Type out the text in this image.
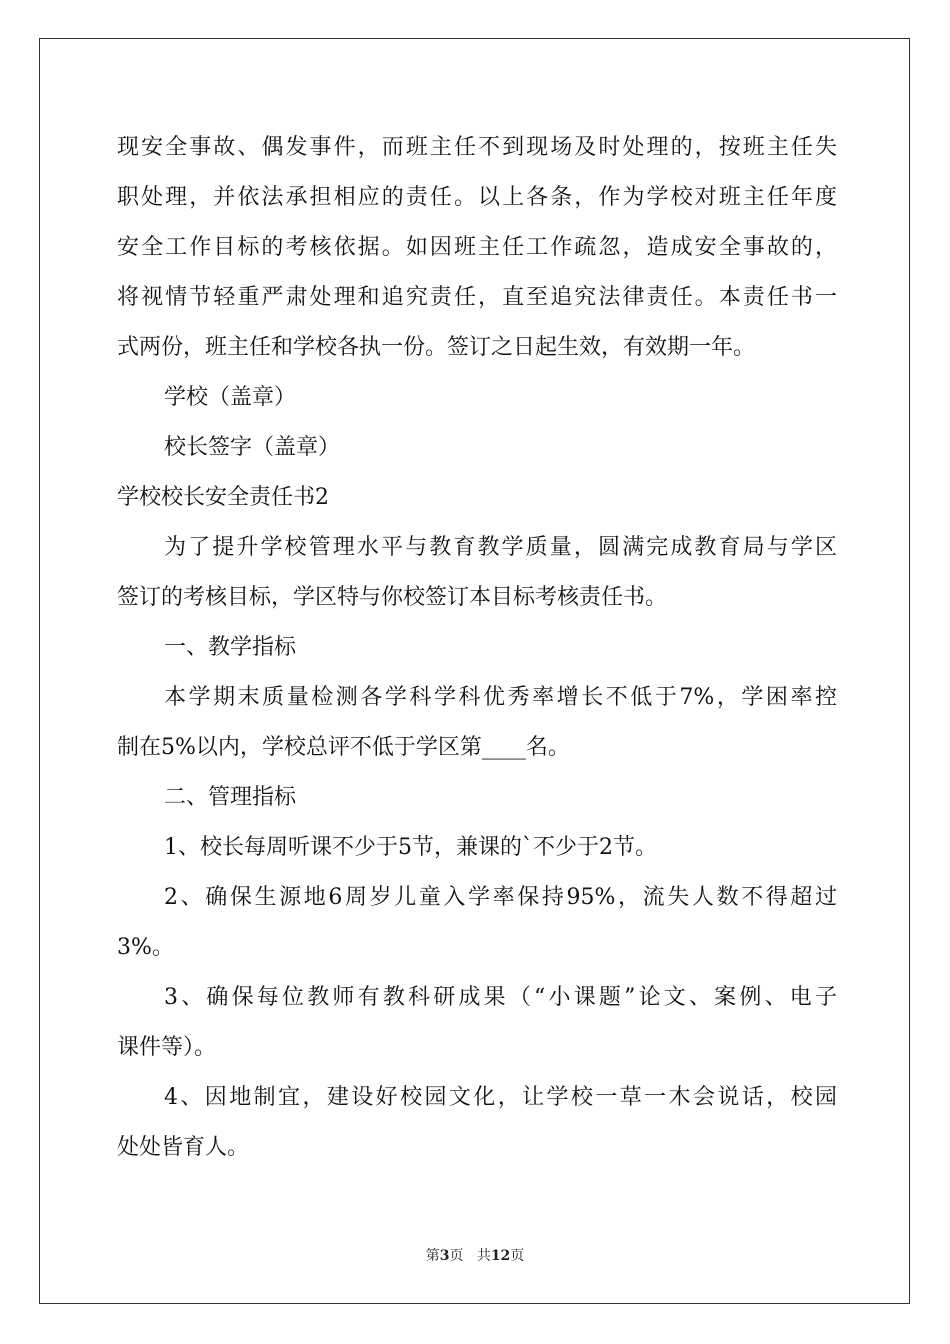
现安全事故、偶发事件，而班主任不到现场及时处理的，按班主任失
职处理，并依法承担相应的责任。以上各条，作为学校对班主任年度
安全工作目标的考核依据。如因班主任工作疏忽，造成安全事故的，
将视情节轻重严肃处理和追究责任，直至追究法律责任。本责任书一
式两份，班主任和学校各执一份。签订之日起生效，有效期一年。
学校（盖章）
校长签字（盖章）
学校校长安全责任书2
为了提升学校管理水平与教育教学质量，圆满完成教育局与学区
签订的考核目标，学区特与你校签订本目标考核责任书。
一、教学指标
本学期末质量检测各学科学科优秀率增长不低于7%，学困率控
制在5%以内，学校总评不低于学区第____名。
二、管理指标
1、校长每周听课不少于5节，兼课的`不少于2节。
2、确保生源地6周岁儿童入学率保持95%，流失人数不得超过
3%。
3、确保每位教师有教科研成果（“小课题”论文、案例、电子
课件等）。
4、因地制宜，建设好校园文化，让学校一草一木会说话，校园
处处皆育人。
第3页 共12页
